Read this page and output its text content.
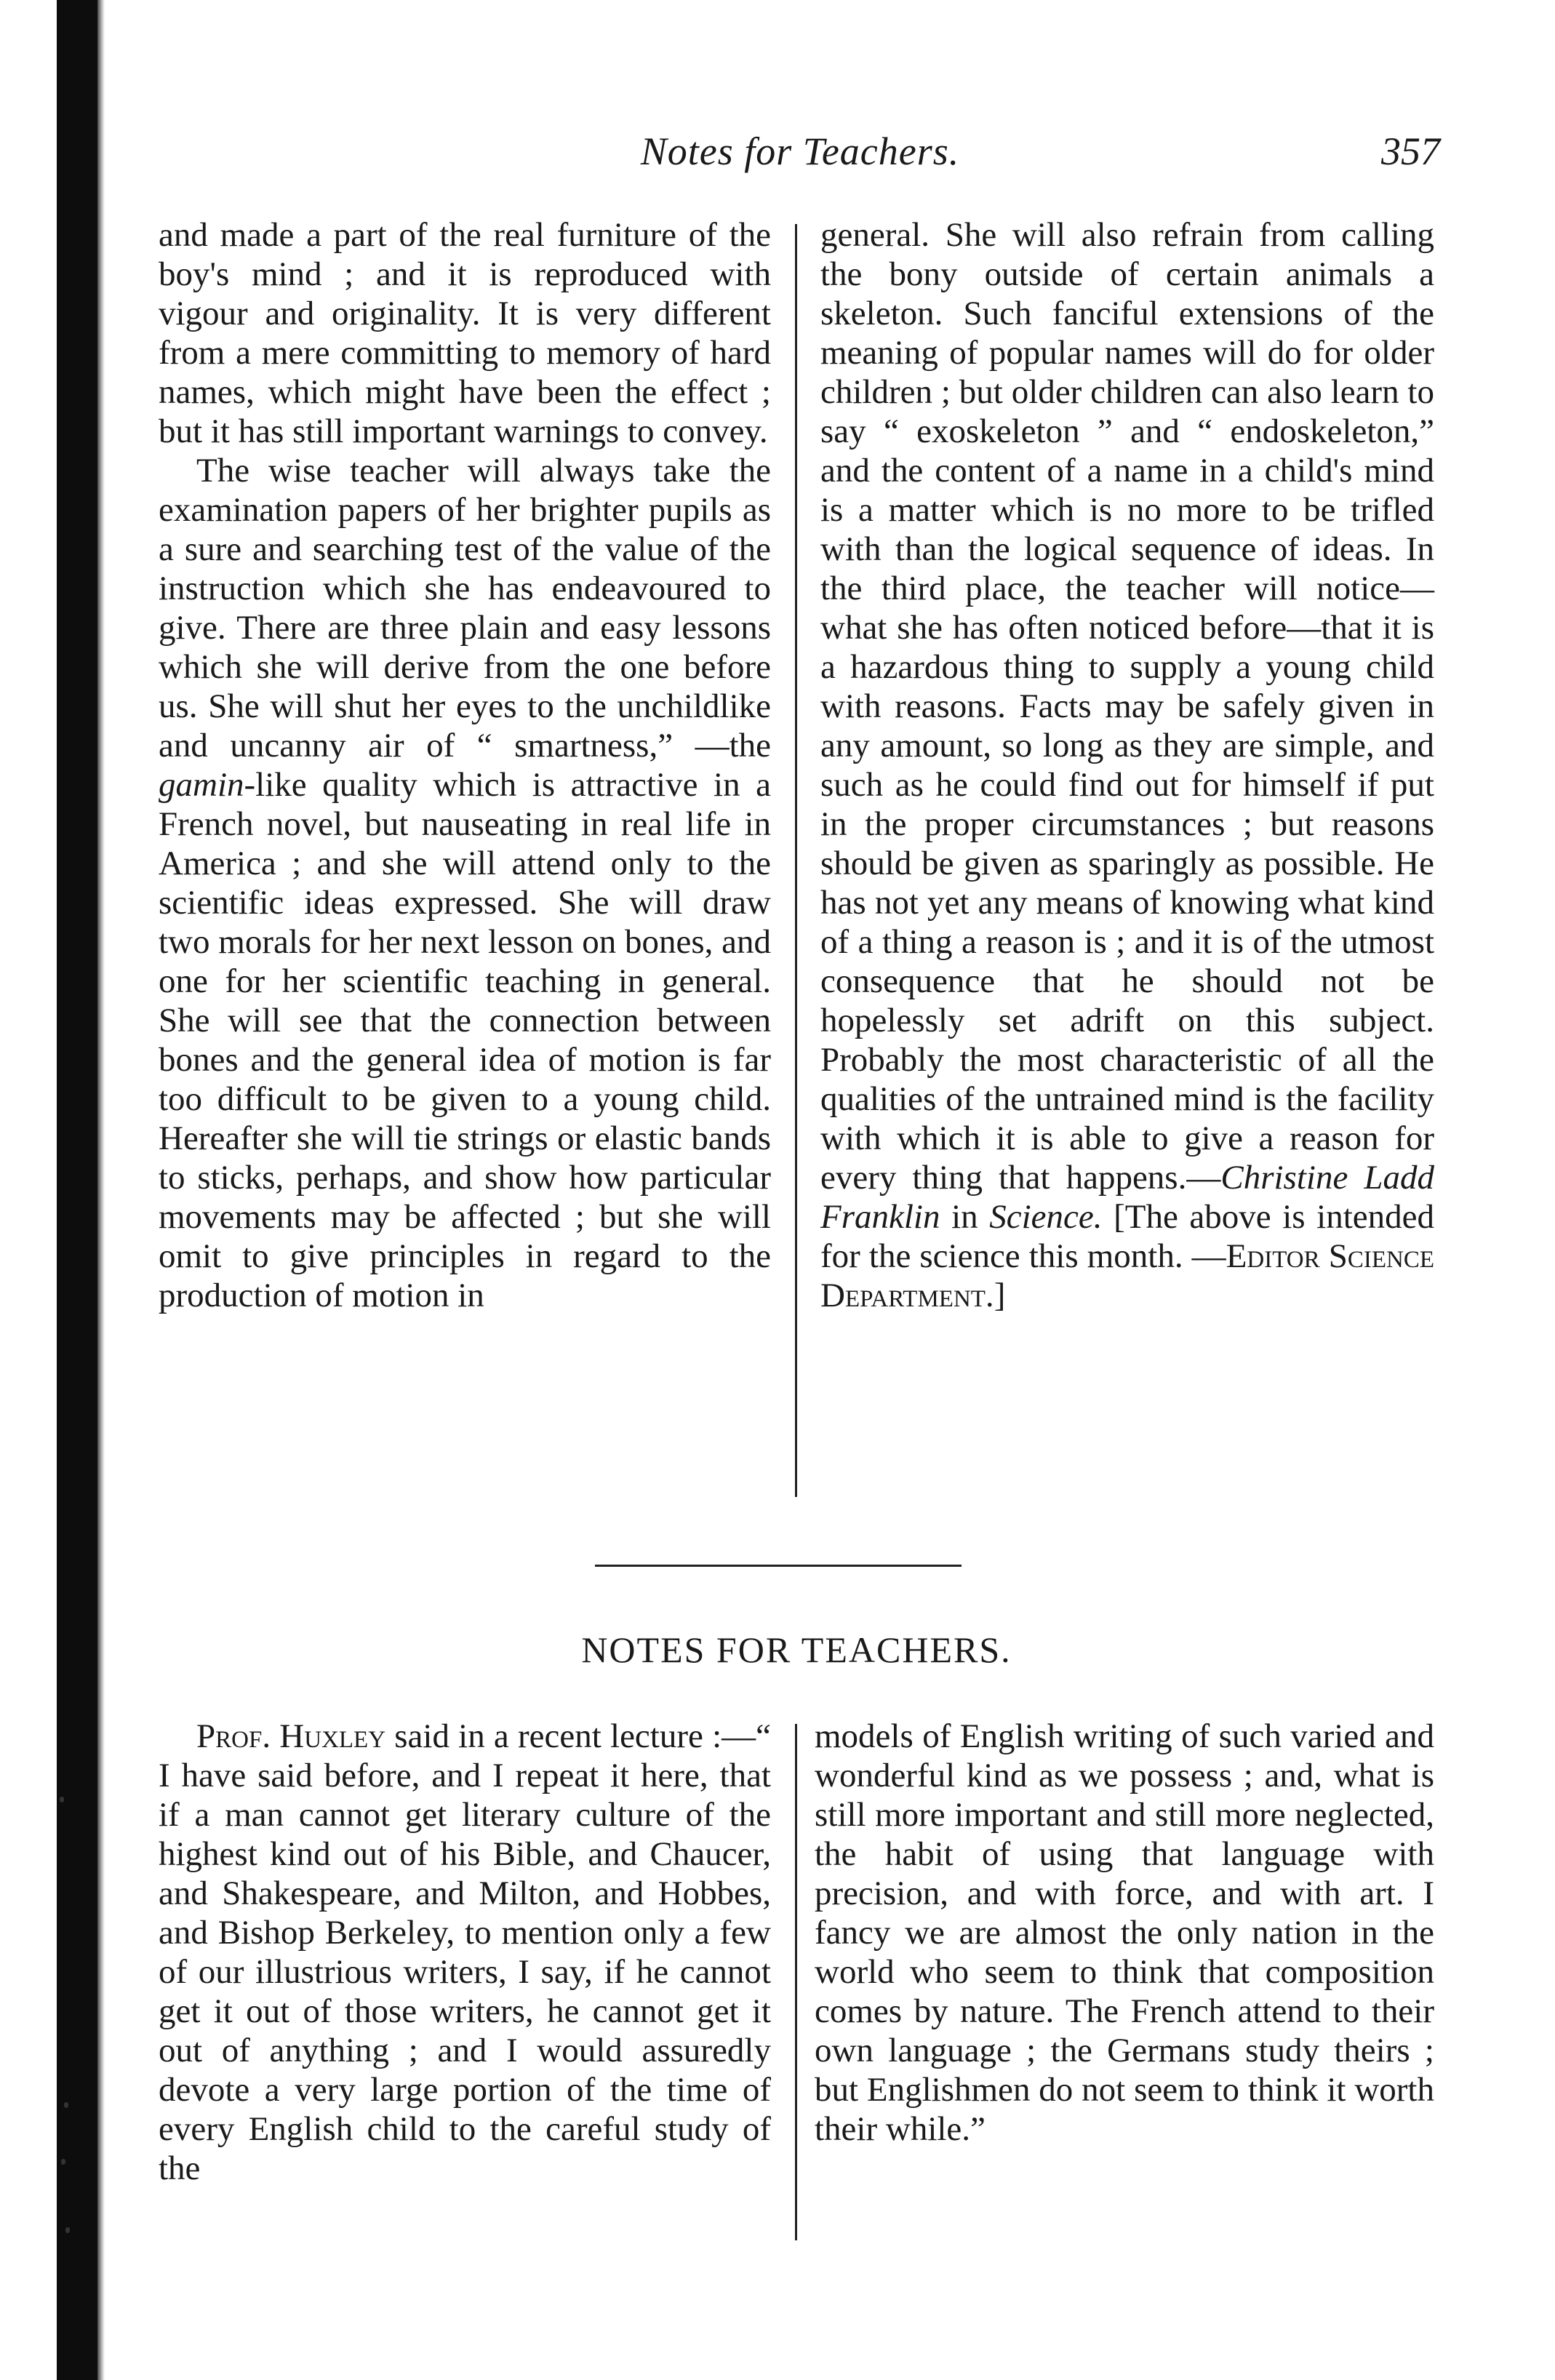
Notes for Teachers.	357

and made a part of the real furniture of the boy's mind ; and it is reproduced with vigour and originality. It is very different from a mere committing to memory of hard names, which might have been the effect ; but it has still important warnings to convey.

The wise teacher will always take the examination papers of her brighter pupils as a sure and searching test of the value of the instruction which she has endeavoured to give. There are three plain and easy lessons which she will derive from the one before us. She will shut her eyes to the unchildlike and uncanny air of “ smartness,” —the gamin-like quality which is attractive in a French novel, but nauseating in real life in America ; and she will attend only to the scientific ideas expressed. She will draw two morals for her next lesson on bones, and one for her scientific teaching in general. She will see that the connection between bones and the general idea of motion is far too difficult to be given to a young child. Hereafter she will tie strings or elastic bands to sticks, perhaps, and show how particular movements may be affected ; but she will omit to give principles in regard to the production of motion in

general. She will also refrain from calling the bony outside of certain animals a skeleton. Such fanciful extensions of the meaning of popular names will do for older children ; but older children can also learn to say “ exoskeleton ” and “ endoskeleton,” and the content of a name in a child's mind is a matter which is no more to be trifled with than the logical sequence of ideas. In the third place, the teacher will notice—what she has often noticed before—that it is a hazardous thing to supply a young child with reasons. Facts may be safely given in any amount, so long as they are simple, and such as he could find out for himself if put in the proper circumstances ; but reasons should be given as sparingly as possible. He has not yet any means of knowing what kind of a thing a reason is ; and it is of the utmost consequence that he should not be hopelessly set adrift on this subject. Probably the most characteristic of all the qualities of the untrained mind is the facility with which it is able to give a reason for every thing that happens.—Christine Ladd Franklin in Science. [The above is intended for the science this month. —Editor Science Department.]

NOTES FOR TEACHERS.

Prof. Huxley said in a recent lecture :—“ I have said before, and I repeat it here, that if a man cannot get literary culture of the highest kind out of his Bible, and Chaucer, and Shakespeare, and Milton, and Hobbes, and Bishop Berkeley, to mention only a few of our illustrious writers, I say, if he cannot get it out of those writers, he cannot get it out of anything ; and I would assuredly devote a very large portion of the time of every English child to the careful study of the

models of English writing of such varied and wonderful kind as we possess ; and, what is still more important and still more neglected, the habit of using that language with precision, and with force, and with art. I fancy we are almost the only nation in the world who seem to think that composition comes by nature. The French attend to their own language ; the Germans study theirs ; but Englishmen do not seem to think it worth their while.”
